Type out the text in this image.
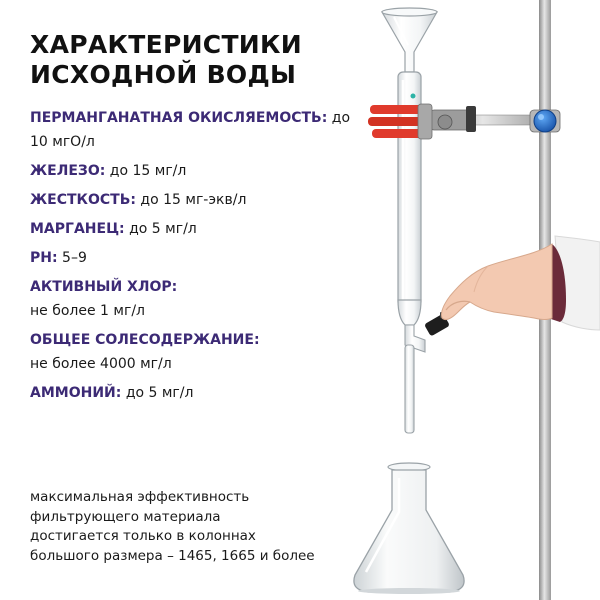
ХАРАКТЕРИСТИКИ
ИСХОДНОЙ ВОДЫ
ПЕРМАНГАНАТНАЯ ОКИСЛЯЕМОСТЬ: до 10 мгО/л
ЖЕЛЕЗО: до 15 мг/л
ЖЕСТКОСТЬ: до 15 мг-экв/л
МАРГАНЕЦ: до 5 мг/л
PH: 5–9
АКТИВНЫЙ ХЛОР:
не более 1 мг/л
ОБЩЕЕ СОЛЕСОДЕРЖАНИЕ:
не более 4000 мг/л
АММОНИЙ: до 5 мг/л
максимальная эффективность
фильтрующего материала
достигается только в колоннах
большого размера – 1465, 1665 и более
